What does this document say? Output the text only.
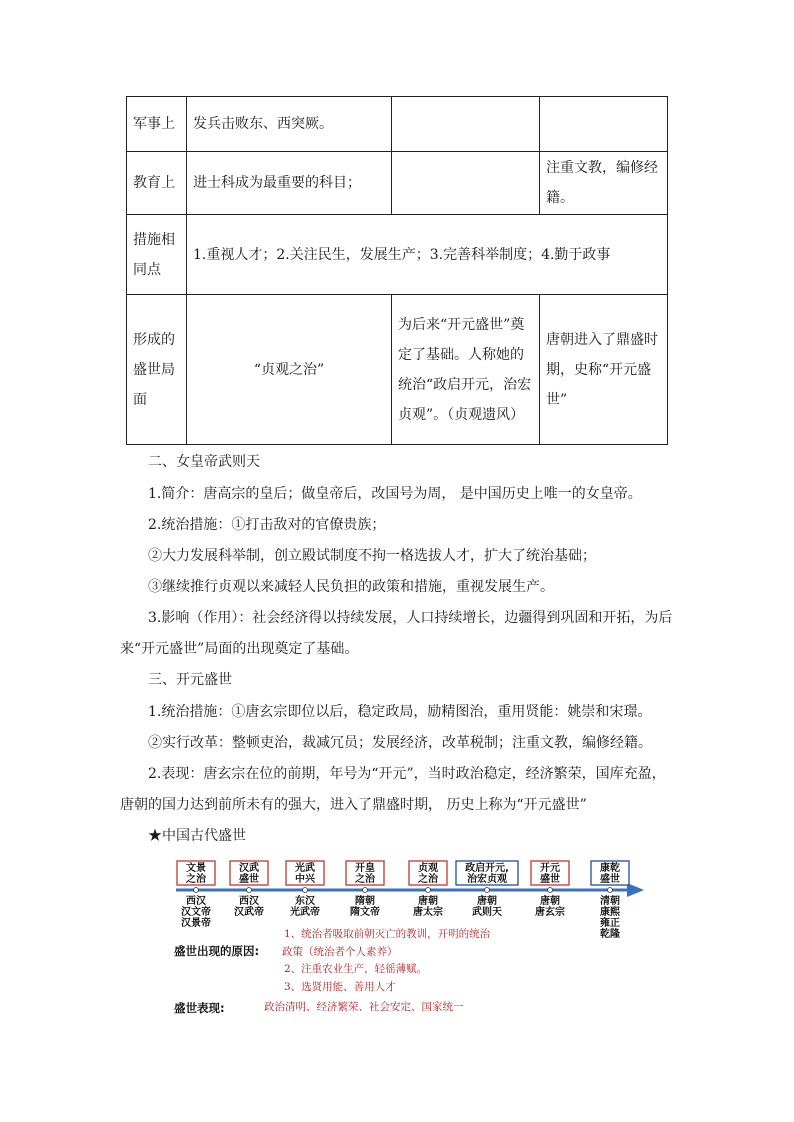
军事上	发兵击败东、西突厥。		
教育上	进士科成为最重要的科目；		注重文教，编修经籍。
措施相同点	1.重视人才；2.关注民生，发展生产；3.完善科举制度；4.勤于政事		
形成的盛世局面	“贞观之治”	为后来“开元盛世”奠定了基础。人称她的统治“政启开元，治宏贞观”。（贞观遗风）	唐朝进入了鼎盛时期，史称“开元盛世”
二、女皇帝武则天
1.简介：唐高宗的皇后；做皇帝后，改国号为周， 是中国历史上唯一的女皇帝。
2.统治措施：①打击敌对的官僚贵族；
②大力发展科举制，创立殿试制度不拘一格选拔人才，扩大了统治基础；
③继续推行贞观以来减轻人民负担的政策和措施，重视发展生产。
3.影响（作用）：社会经济得以持续发展，人口持续增长，边疆得到巩固和开拓，为后
来“开元盛世”局面的出现奠定了基础。
三、开元盛世
1.统治措施：①唐玄宗即位以后，稳定政局，励精图治，重用贤能：姚崇和宋璟。
②实行改革：整顿吏治，裁减冗员；发展经济，改革税制；注重文教，编修经籍。
2.表现：唐玄宗在位的前期，年号为“开元”，当时政治稳定，经济繁荣，国库充盈，
唐朝的国力达到前所未有的强大，进入了鼎盛时期， 历史上称为“开元盛世”
★中国古代盛世
文景
之治
西汉
汉文帝
汉景帝
汉武
盛世
西汉
汉武帝
光武
中兴
东汉
光武帝
开皇
之治
隋朝
隋文帝
贞观
之治
唐朝
唐太宗
政启开元,
治宏贞观
唐朝
武则天
开元
盛世
唐朝
唐玄宗
康乾
盛世
清朝
康熙
雍正
乾隆
盛世出现的原因:
1、统治者吸取前朝灭亡的教训，开明的统治
政策（统治者个人素养）
2、注重农业生产，轻徭薄赋。
3、选贤用能、善用人才
盛世表现:	政治清明、经济繁荣、社会安定、国家统一
